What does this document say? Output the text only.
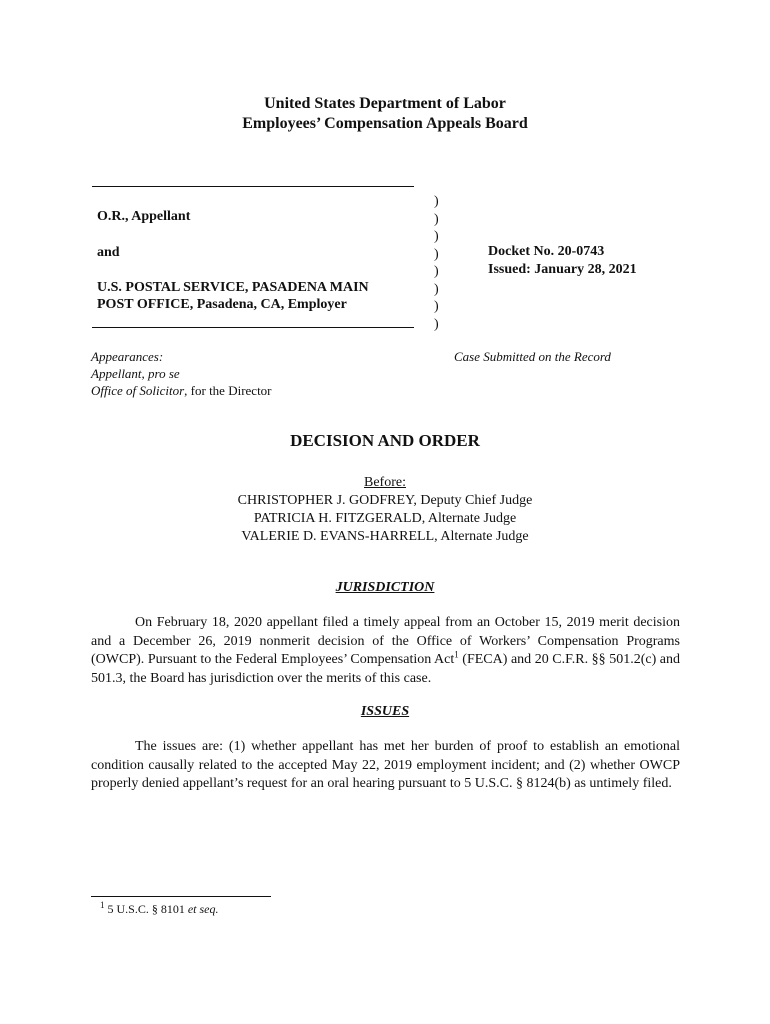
United States Department of Labor
Employees’ Compensation Appeals Board
O.R., Appellant
and
U.S. POSTAL SERVICE, PASADENA MAIN
POST OFFICE, Pasadena, CA, Employer
)
)
)
)
)
)
)
)
Docket No. 20-0743
Issued: January 28, 2021
Appearances:
Appellant, pro se
Office of Solicitor, for the Director
Case Submitted on the Record
DECISION AND ORDER
Before:
CHRISTOPHER J. GODFREY, Deputy Chief Judge
PATRICIA H. FITZGERALD, Alternate Judge
VALERIE D. EVANS-HARRELL, Alternate Judge
JURISDICTION
On February 18, 2020 appellant filed a timely appeal from an October 15, 2019 merit decision and a December 26, 2019 nonmerit decision of the Office of Workers’ Compensation Programs (OWCP). Pursuant to the Federal Employees’ Compensation Act$^1$ (FECA) and 20 C.F.R. §§ 501.2(c) and 501.3, the Board has jurisdiction over the merits of this case.
ISSUES
The issues are: (1) whether appellant has met her burden of proof to establish an emotional condition causally related to the accepted May 22, 2019 employment incident; and (2) whether OWCP properly denied appellant’s request for an oral hearing pursuant to 5 U.S.C. § 8124(b) as untimely filed.
$^1$ 5 U.S.C. § 8101 et seq.
